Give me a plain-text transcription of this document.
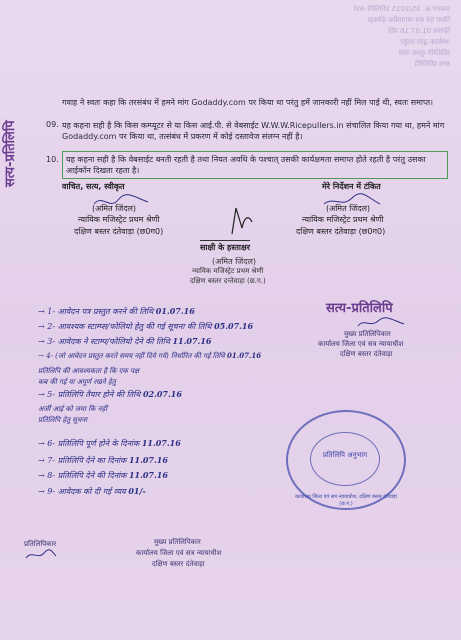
प्रकरण क्र. 05/2015 प्रतिलिपि कार्य
जिला एवं सत्र न्यायाधीश दंतेवाड़ा
दिनांक 01.07.16 प्रति
आवेदक द्वारा प्रस्तुत
प्रतिलिपि शुल्क जमा
सत्य प्रतिलिपि
सत्य-प्रतिलिपि
गवाह ने स्वतः कहा कि तरसंबंध में हमने मांग Godaddy.com पर किया था परंतु हमें जानकारी नहीं मिल पाई थी, स्वतः समाप्त।
09. यह कहना सही है कि किस कम्प्यूटर से या किस आई.पी. से वेबसाईट W.W.W.Ricepullers.in संचालित किया गया था, हमने मांग Godaddy.com पर किया था, तत्संबंध में प्रकरण में कोई दस्तावेज संलग्न नहीं है।
10. यह कहना सही है कि वेबसाईट बनती रहती है तथा नियत अवधि के पश्चात् उसकी कार्यक्षमता समाप्त होते रहती है परंतु उसका आईकॉन दिखता रहता है।
वाचित, सत्य, स्वीकृत	मेरे निर्देशन में टंकित
(अमित जिंदल)
न्यायिक मजिस्ट्रेट प्रथम श्रेणी
दक्षिण बस्तर दंतेवाड़ा (छ0ग0)
(अमित जिंदल)
न्यायिक मजिस्ट्रेट प्रथम श्रेणी
दक्षिण बस्तर दंतेवाड़ा (छ0ग0)
साक्षी के हस्ताक्षर
(अमित जिंदल)
न्यायिक मजिस्ट्रेट प्रथम श्रेणी
दक्षिण बस्तर दन्तेवाड़ा (छ.ग.)
→ 1- आवेदन पत्र प्रस्तुत करने की तिथि 01.07.16
→ 2- आवश्यक स्टाम्प्स/फोलियो हेतु की गई सूचना की तिथि 05.07.16
→ 3- आवेदक ने स्टाम्प/फोलियो देने की तिथि 11.07.16
→ 4- (जो आवेदन प्रस्तुत करते समय नहीं दिये गये) निर्धारित की गई तिथि 01.07.16
प्रतिलिपि की आवश्यकता है कि एक पक्ष
कब की गई या अपूर्ण रखने हेतु
→ 5- प्रतिलिपि तैयार होने की तिथि 02.07.16
अर्जी आई को जमा कि नहीं
प्रतिलिपि हेतु सूचना
→ 6- प्रतिलिपि पूर्ण होने के दिनांक 11.07.16
→ 7- प्रतिलिपि देने का दिनांक 11.07.16
→ 8- प्रतिलिपि देने की दिनांक 11.07.16
→ 9- आवेदक को दी गई व्यय 01/-
सत्य-प्रतिलिपि
मुख्य प्रतिलिपिकार
कार्यालय जिला एवं सत्र न्यायाधीश
दक्षिण बस्तर दंतेवाड़ा
प्रतिलिपि अनुभाग
कार्यालय जिला एवं सत्र न्यायाधीश, दक्षिण बस्तर दंतेवाड़ा (छ.ग.)
प्रतिलिपिकार	मुख्य प्रतिलिपिकार
कार्यालय जिला एवं सत्र न्यायाधीश
दक्षिण बस्तर दंतेवाड़ा
